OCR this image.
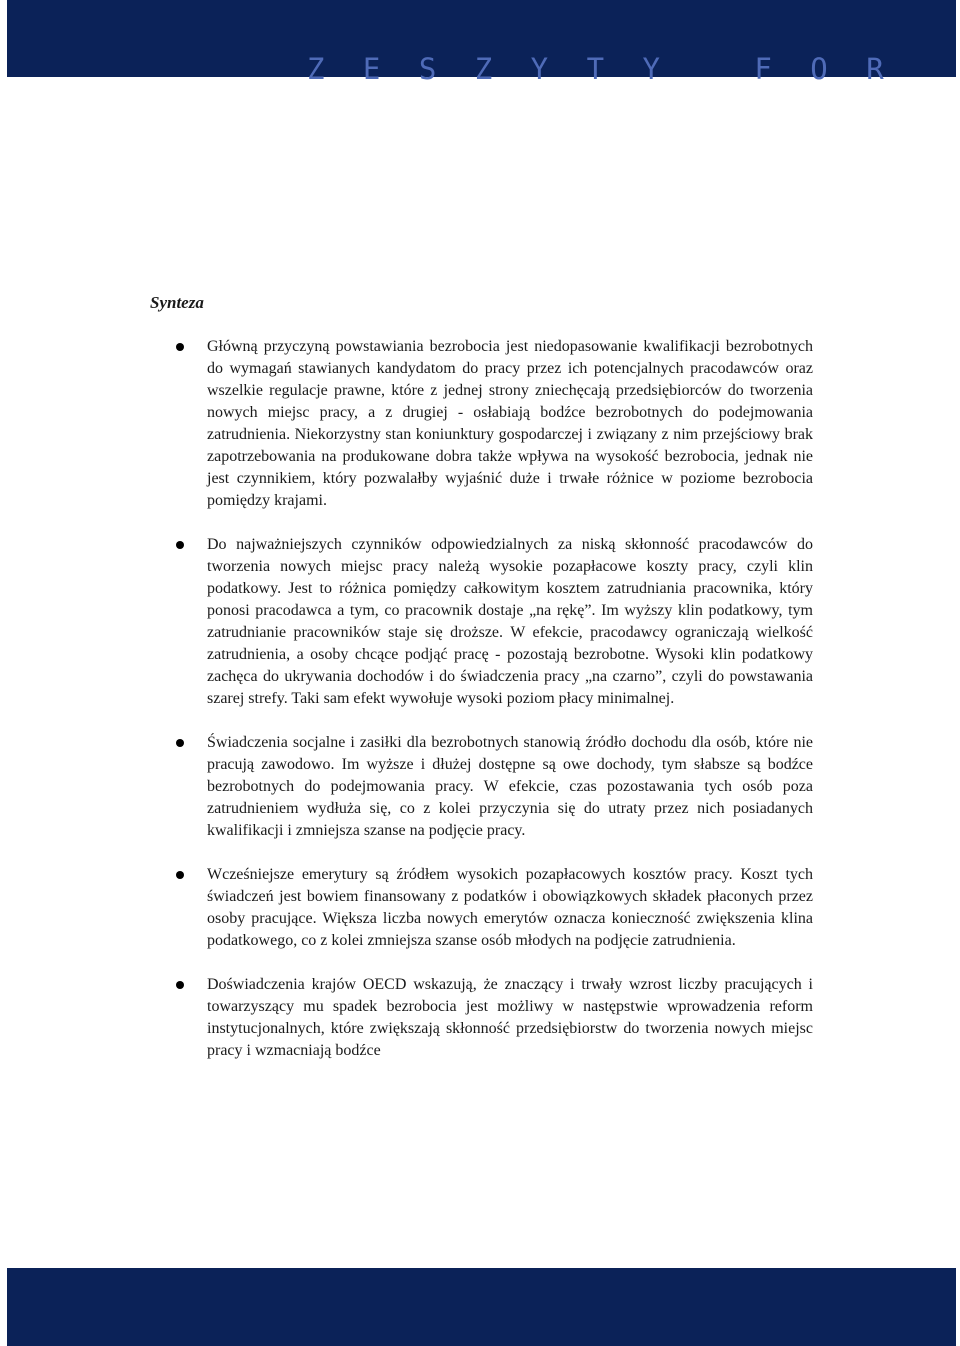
Z E S Z Y T Y   F O R
Synteza
Główną przyczyną powstawiania bezrobocia jest niedopasowanie kwalifikacji bezrobotnych do wymagań stawianych kandydatom do pracy przez ich potencjalnych pracodawców oraz wszelkie regulacje prawne, które z jednej strony zniechęcają przedsiębiorców do tworzenia nowych miejsc pracy, a z drugiej - osłabiają bodźce bezrobotnych do podejmowania zatrudnienia. Niekorzystny stan koniunktury gospodarczej i związany z nim przejściowy brak zapotrzebowania na produkowane dobra także wpływa na wysokość bezrobocia, jednak nie jest czynnikiem, który pozwalałby wyjaśnić duże i trwałe różnice w poziome bezrobocia pomiędzy krajami.
Do najważniejszych czynników odpowiedzialnych za niską skłonność pracodawców do tworzenia nowych miejsc pracy należą wysokie pozapłacowe koszty pracy, czyli klin podatkowy. Jest to różnica pomiędzy całkowitym kosztem zatrudniania pracownika, który ponosi pracodawca a tym, co pracownik dostaje „na rękę”. Im wyższy klin podatkowy, tym zatrudnianie pracowników staje się droższe. W efekcie, pracodawcy ograniczają wielkość zatrudnienia, a osoby chcące podjąć pracę - pozostają bezrobotne. Wysoki klin podatkowy zachęca do ukrywania dochodów i do świadczenia pracy „na czarno”, czyli do powstawania szarej strefy. Taki sam efekt wywołuje wysoki poziom płacy minimalnej.
Świadczenia socjalne i zasiłki dla bezrobotnych stanowią źródło dochodu dla osób, które nie pracują zawodowo. Im wyższe i dłużej dostępne są owe dochody, tym słabsze są bodźce bezrobotnych do podejmowania pracy. W efekcie, czas pozostawania tych osób poza zatrudnieniem wydłuża się, co z kolei przyczynia się do utraty przez nich posiadanych kwalifikacji i zmniejsza szanse na podjęcie pracy.
Wcześniejsze emerytury są źródłem wysokich pozapłacowych kosztów pracy. Koszt tych świadczeń jest bowiem finansowany z podatków i obowiązkowych składek płaconych przez osoby pracujące. Większa liczba nowych emerytów oznacza konieczność zwiększenia klina podatkowego, co z kolei zmniejsza szanse osób młodych na podjęcie zatrudnienia.
Doświadczenia krajów OECD wskazują, że znaczący i trwały wzrost liczby pracujących i towarzyszący mu spadek bezrobocia jest możliwy w następstwie wprowadzenia reform instytucjonalnych, które zwiększają skłonność przedsiębiorstw do tworzenia nowych miejsc pracy i wzmacniają bodźce
